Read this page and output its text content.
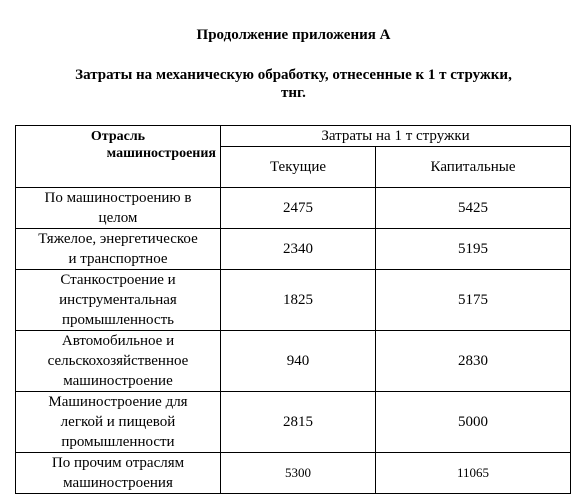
Продолжение приложения А
Затраты на механическую обработку, отнесенные к 1 т стружки,
тнг.
Отрасль
машиностроения	Затраты на 1 т стружки	
	Текущие	Капитальные
По машиностроению в
целом	2475	5425
Тяжелое, энергетическое
и транспортное	2340	5195
Станкостроение и
инструментальная
промышленность	1825	5175
Автомобильное и
сельскохозяйственное
машиностроение	940	2830
Машиностроение для
легкой и пищевой
промышленности	2815	5000
По прочим отраслям
машиностроения	5300	11065
